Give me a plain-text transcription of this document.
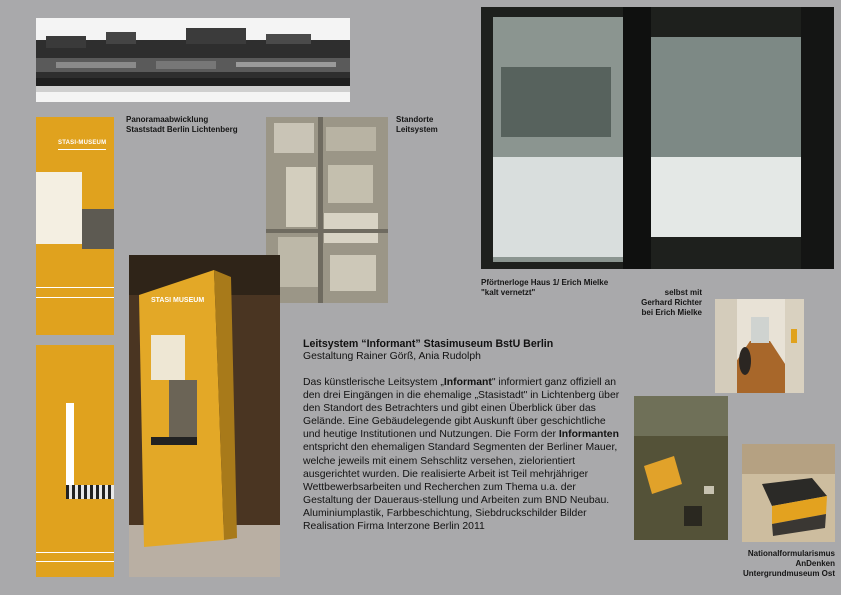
Panoramaabwicklung
Staststadt Berlin Lichtenberg
STASI-MUSEUM
Standorte
Leitsystem
STASI MUSEUM
Pförtnerloge Haus 1/ Erich Mielke
"kalt vernetzt"	selbst mit
Gerhard Richter
bei Erich Mielke
Nationalformularismus
AnDenken
Untergrundmuseum Ost
Leitsystem “Informant” Stasimuseum BstU Berlin
Gestaltung Rainer Görß, Ania Rudolph

Das künstlerische Leitsystem „Informant" informiert ganz offiziell an den drei Eingängen in die ehemalige „Stasistadt" in Lichtenberg über den Standort des Betrachters und gibt einen Überblick über das Gelände. Eine Gebäudelegende gibt Auskunft über geschichtliche und heutige Institutionen und Nutzungen. Die Form der Informanten entspricht den ehemaligen Standard Segmenten der Berliner Mauer, welche jeweils mit einem Sehschlitz versehen, zielorientiert ausgerichtet wurden. Die realisierte Arbeit ist Teil mehrjähriger Wettbewerbsarbeiten und Recherchen zum Thema u.a. der Gestaltung der Daueraus-stellung und Arbeiten zum BND Neubau.

Aluminiumplastik, Farbbeschichtung, Siebdruckschilder Bilder

Realisation Firma Interzone Berlin 2011
